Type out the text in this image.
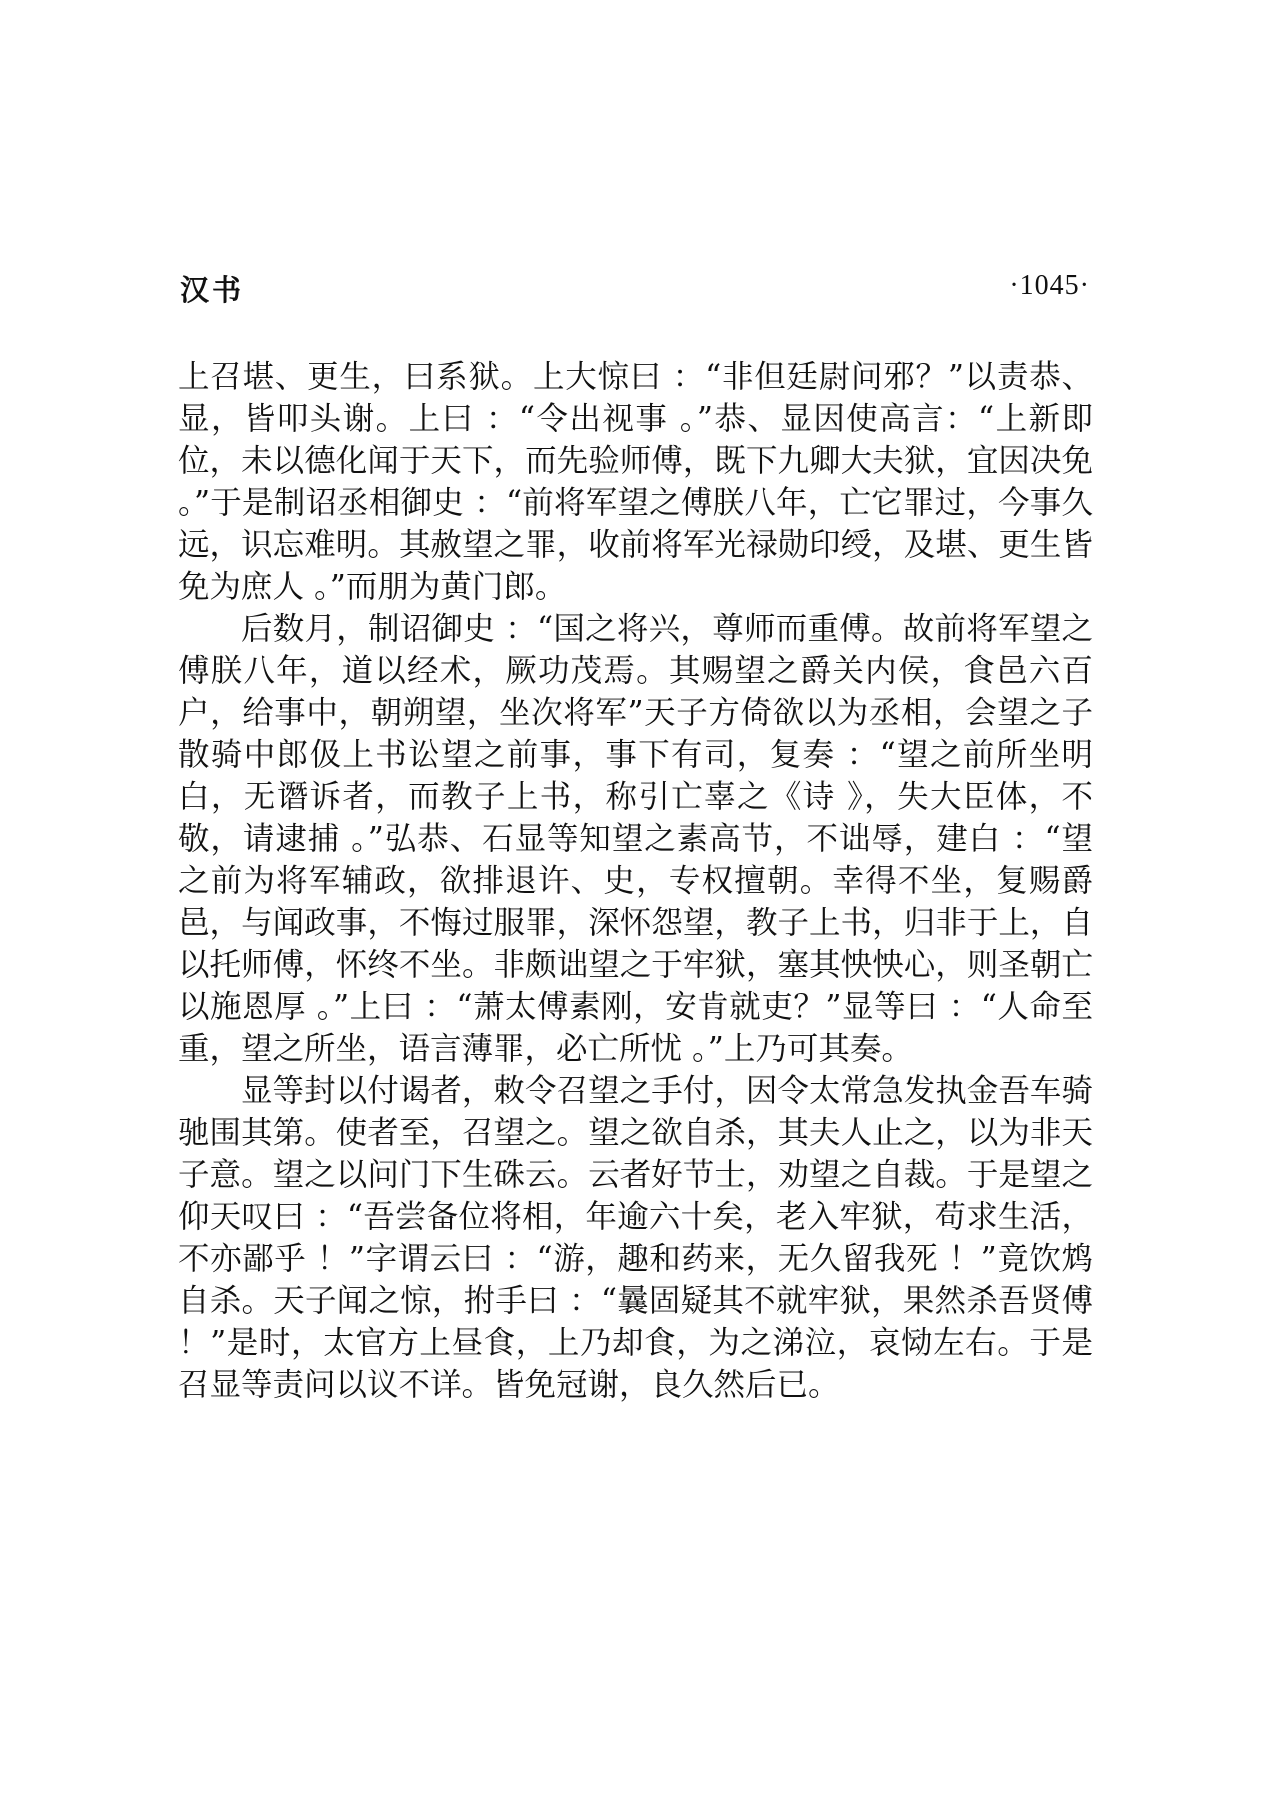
汉书	·1045·

上召堪、更生，曰系狱。上大惊曰 ：“非但廷尉问邪？”以责恭、显，皆叩头谢。上曰 ：“令出视事 。”恭、显因使高言：“上新即位，未以德化闻于天下，而先验师傅，既下九卿大夫狱，宜因决免 。”于是制诏丞相御史 ：“前将军望之傅朕八年，亡它罪过，今事久远，识忘难明。其赦望之罪，收前将军光禄勋印绶，及堪、更生皆免为庶人 。”而朋为黄门郎。

后数月，制诏御史 ：“国之将兴，尊师而重傅。故前将军望之傅朕八年，道以经术，厥功茂焉。其赐望之爵关内侯，食邑六百户，给事中，朝朔望，坐次将军”天子方倚欲以为丞相，会望之子散骑中郎伋上书讼望之前事，事下有司，复奏 ：“望之前所坐明白，无谮诉者，而教子上书，称引亡辜之《诗 》，失大臣体，不敬，请逮捕 。”弘恭、石显等知望之素高节，不诎辱，建白 ：“望之前为将军辅政，欲排退许、史，专权擅朝。幸得不坐，复赐爵邑，与闻政事，不悔过服罪，深怀怨望，教子上书，归非于上，自以托师傅，怀终不坐。非颇诎望之于牢狱，塞其怏怏心，则圣朝亡以施恩厚 。”上曰 ：“萧太傅素刚，安肯就吏？”显等曰 ：“人命至重，望之所坐，语言薄罪，必亡所忧 。”上乃可其奏。

显等封以付谒者，敕令召望之手付，因令太常急发执金吾车骑驰围其第。使者至，召望之。望之欲自杀，其夫人止之，以为非天子意。望之以问门下生硃云。云者好节士，劝望之自裁。于是望之仰天叹曰 ：“吾尝备位将相，年逾六十矣，老入牢狱，苟求生活，不亦鄙乎 ！”字谓云曰 ：“游，趣和药来，无久留我死 ！”竟饮鸩自杀。天子闻之惊，拊手曰 ：“曩固疑其不就牢狱，果然杀吾贤傅 ！”是时，太官方上昼食，上乃却食，为之涕泣，哀恸左右。于是召显等责问以议不详。皆免冠谢，良久然后已。
